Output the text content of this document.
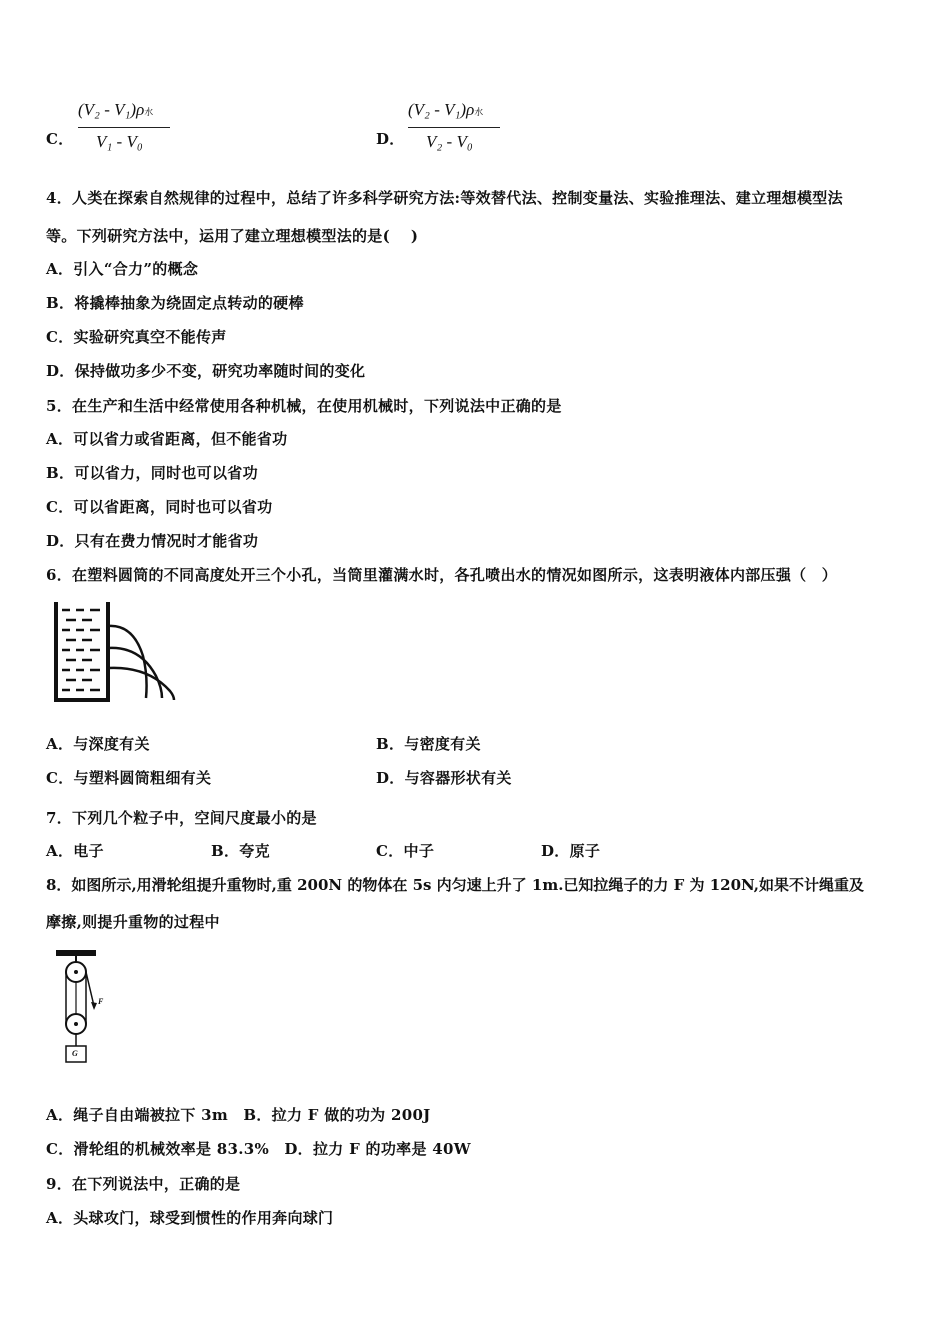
C．
(V₂ - V₁)ρ水
V₁ - V₀	D．
(V₂ - V₁)ρ水
V₂ - V₀
4．人类在探索自然规律的过程中，总结了许多科学研究方法:等效替代法、控制变量法、实验推理法、建立理想模型法
等。下列研究方法中，运用了建立理想模型法的是(　 )
A．引入“合力”的概念
B．将撬棒抽象为绕固定点转动的硬棒
C．实验研究真空不能传声
D．保持做功多少不变，研究功率随时间的变化
5．在生产和生活中经常使用各种机械，在使用机械时，下列说法中正确的是
A．可以省力或省距离，但不能省功
B．可以省力，同时也可以省功
C．可以省距离，同时也可以省功
D．只有在费力情况时才能省功
6．在塑料圆筒的不同高度处开三个小孔，当筒里灌满水时，各孔喷出水的情况如图所示，这表明液体内部压强（　）
A．与深度有关	B．与密度有关
C．与塑料圆筒粗细有关	D．与容器形状有关
7．下列几个粒子中，空间尺度最小的是
A．电子	B．夸克	C．中子	D．原子
8．如图所示,用滑轮组提升重物时,重 200N 的物体在 5s 内匀速上升了 1m.已知拉绳子的力 F 为 120N,如果不计绳重及
摩擦,则提升重物的过程中
F
G
A．绳子自由端被拉下 3m　B．拉力 F 做的功为 200J
C．滑轮组的机械效率是 83.3%　D．拉力 F 的功率是 40W
9．在下列说法中，正确的是
A．头球攻门，球受到惯性的作用奔向球门
